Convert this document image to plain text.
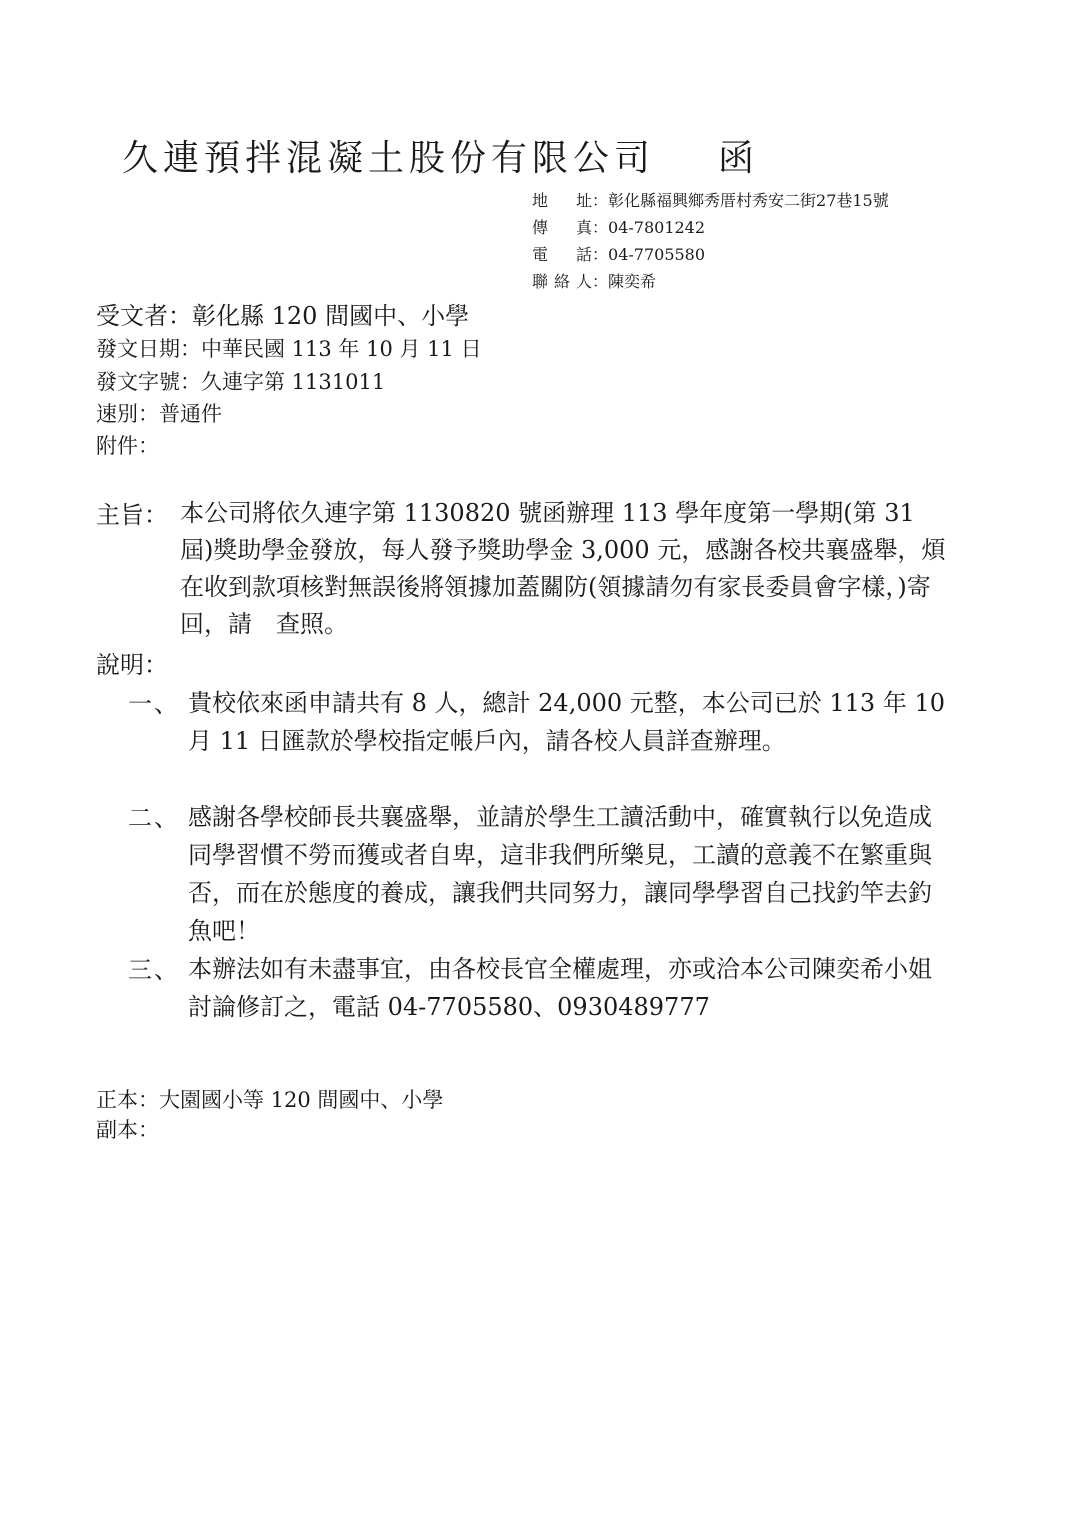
久連預拌混凝土股份有限公司 函
地 址：彰化縣福興鄉秀厝村秀安二街27巷15號
傳 真：04-7801242
電 話：04-7705580
聯絡人：陳奕希
受文者：彰化縣 120 間國中、小學
發文日期：中華民國 113 年 10 月 11 日
發文字號：久連字第 1131011
速別：普通件
附件：
主旨： 本公司將依久連字第 1130820 號函辦理 113 學年度第一學期(第 31 屆)獎助學金發放，每人發予獎助學金 3,000 元，感謝各校共襄盛舉，煩在收到款項核對無誤後將領據加蓋關防(領據請勿有家長委員會字樣，)寄回，請　查照。
說明：
一、 貴校依來函申請共有 8 人，總計 24,000 元整，本公司已於 113 年 10 月 11 日匯款於學校指定帳戶內，請各校人員詳查辦理。
二、 感謝各學校師長共襄盛舉，並請於學生工讀活動中，確實執行以免造成同學習慣不勞而獲或者自卑，這非我們所樂見，工讀的意義不在繁重與否，而在於態度的養成，讓我們共同努力，讓同學學習自己找釣竿去釣魚吧！
三、 本辦法如有未盡事宜，由各校長官全權處理，亦或洽本公司陳奕希小姐討論修訂之，電話 04-7705580、0930489777
正本：大園國小等 120 間國中、小學
副本：
